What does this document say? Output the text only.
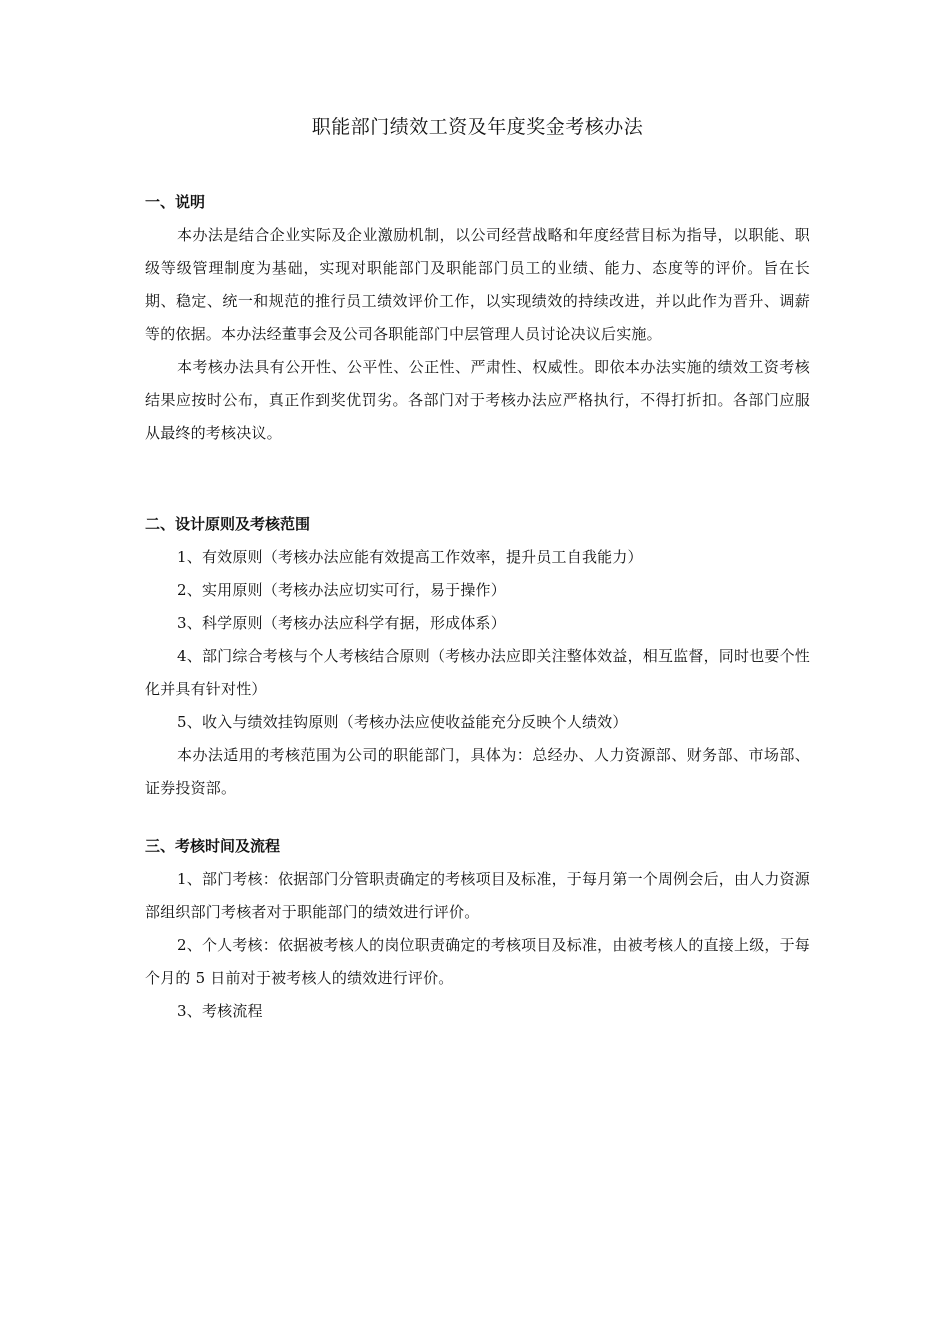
职能部门绩效工资及年度奖金考核办法
一、说明
本办法是结合企业实际及企业激励机制，以公司经营战略和年度经营目标为指导，以职能、职级等级管理制度为基础，实现对职能部门及职能部门员工的业绩、能力、态度等的评价。旨在长期、稳定、统一和规范的推行员工绩效评价工作，以实现绩效的持续改进，并以此作为晋升、调薪等的依据。本办法经董事会及公司各职能部门中层管理人员讨论决议后实施。
本考核办法具有公开性、公平性、公正性、严肃性、权威性。即依本办法实施的绩效工资考核结果应按时公布，真正作到奖优罚劣。各部门对于考核办法应严格执行，不得打折扣。各部门应服从最终的考核决议。
二、设计原则及考核范围
1、有效原则（考核办法应能有效提高工作效率，提升员工自我能力）
2、实用原则（考核办法应切实可行，易于操作）
3、科学原则（考核办法应科学有据，形成体系）
4、部门综合考核与个人考核结合原则（考核办法应即关注整体效益，相互监督，同时也要个性化并具有针对性）
5、收入与绩效挂钩原则（考核办法应使收益能充分反映个人绩效）
本办法适用的考核范围为公司的职能部门，具体为：总经办、人力资源部、财务部、市场部、证券投资部。
三、考核时间及流程
1、部门考核：依据部门分管职责确定的考核项目及标准，于每月第一个周例会后，由人力资源部组织部门考核者对于职能部门的绩效进行评价。
2、个人考核：依据被考核人的岗位职责确定的考核项目及标准，由被考核人的直接上级，于每个月的 5 日前对于被考核人的绩效进行评价。
3、考核流程
